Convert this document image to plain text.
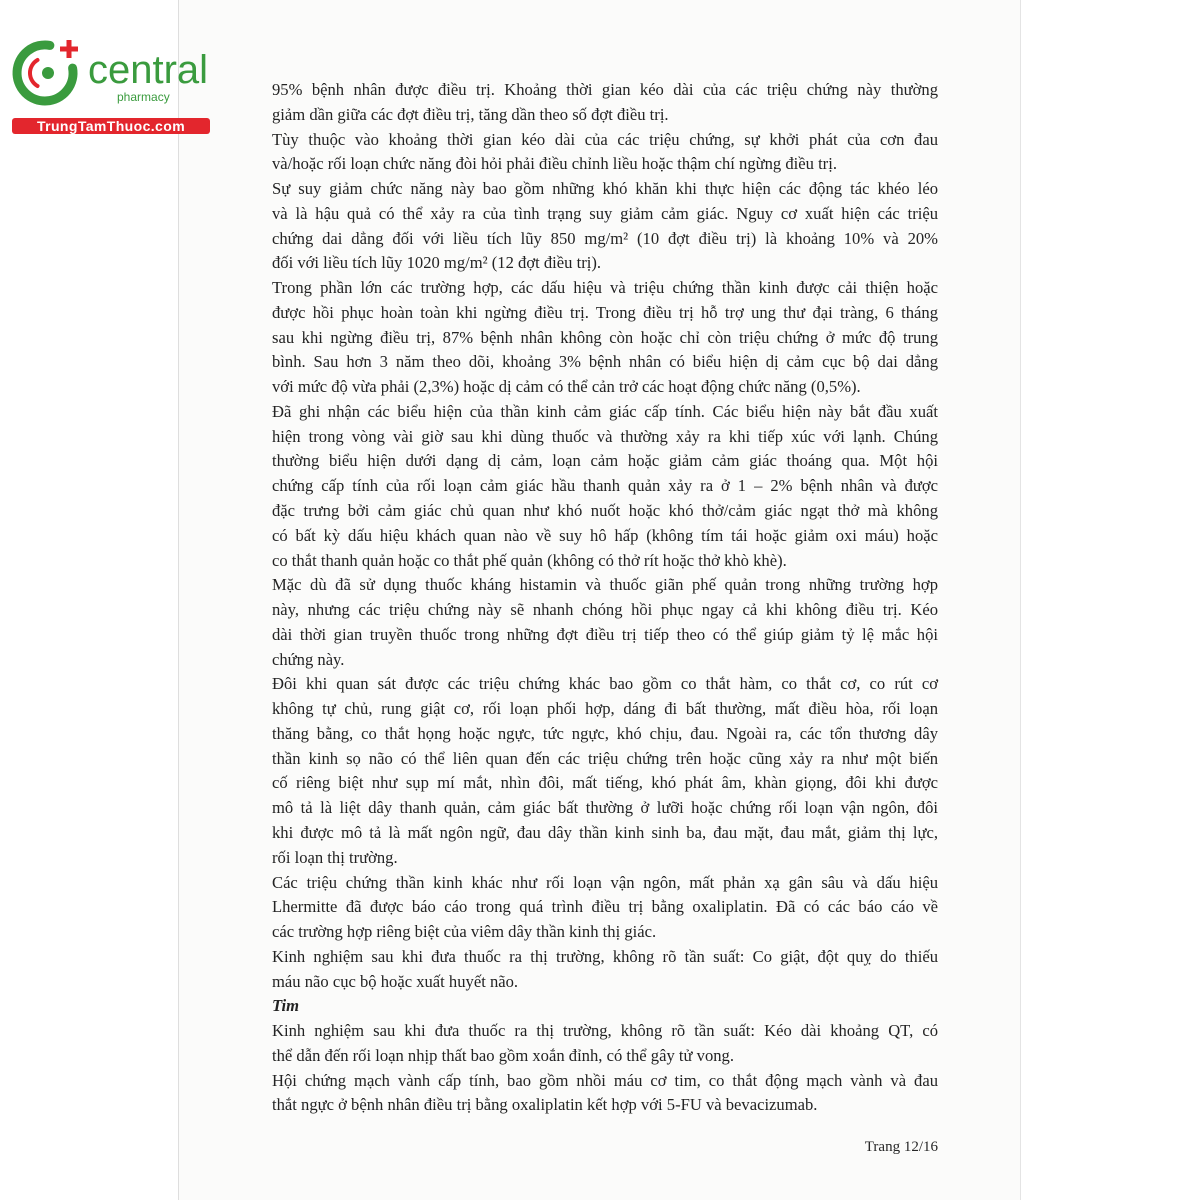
central
pharmacy
TrungTamThuoc.com
95% bệnh nhân được điều trị. Khoảng thời gian kéo dài của các triệu chứng này thường
giảm dần giữa các đợt điều trị, tăng dần theo số đợt điều trị.
Tùy thuộc vào khoảng thời gian kéo dài của các triệu chứng, sự khởi phát của cơn đau
và/hoặc rối loạn chức năng đòi hỏi phải điều chỉnh liều hoặc thậm chí ngừng điều trị.
Sự suy giảm chức năng này bao gồm những khó khăn khi thực hiện các động tác khéo léo
và là hậu quả có thể xảy ra của tình trạng suy giảm cảm giác. Nguy cơ xuất hiện các triệu
chứng dai dẳng đối với liều tích lũy 850 mg/m² (10 đợt điều trị) là khoảng 10% và 20%
đối với liều tích lũy 1020 mg/m² (12 đợt điều trị).
Trong phần lớn các trường hợp, các dấu hiệu và triệu chứng thần kinh được cải thiện hoặc
được hồi phục hoàn toàn khi ngừng điều trị. Trong điều trị hỗ trợ ung thư đại tràng, 6 tháng
sau khi ngừng điều trị, 87% bệnh nhân không còn hoặc chỉ còn triệu chứng ở mức độ trung
bình. Sau hơn 3 năm theo dõi, khoảng 3% bệnh nhân có biểu hiện dị cảm cục bộ dai dẳng
với mức độ vừa phải (2,3%) hoặc dị cảm có thể cản trở các hoạt động chức năng (0,5%).
Đã ghi nhận các biểu hiện của thần kinh cảm giác cấp tính. Các biểu hiện này bắt đầu xuất
hiện trong vòng vài giờ sau khi dùng thuốc và thường xảy ra khi tiếp xúc với lạnh. Chúng
thường biểu hiện dưới dạng dị cảm, loạn cảm hoặc giảm cảm giác thoáng qua. Một hội
chứng cấp tính của rối loạn cảm giác hầu thanh quản xảy ra ở 1 – 2% bệnh nhân và được
đặc trưng bởi cảm giác chủ quan như khó nuốt hoặc khó thở/cảm giác ngạt thở mà không
có bất kỳ dấu hiệu khách quan nào về suy hô hấp (không tím tái hoặc giảm oxi máu) hoặc
co thắt thanh quản hoặc co thắt phế quản (không có thở rít hoặc thở khò khè).
Mặc dù đã sử dụng thuốc kháng histamin và thuốc giãn phế quản trong những trường hợp
này, nhưng các triệu chứng này sẽ nhanh chóng hồi phục ngay cả khi không điều trị. Kéo
dài thời gian truyền thuốc trong những đợt điều trị tiếp theo có thể giúp giảm tỷ lệ mắc hội
chứng này.
Đôi khi quan sát được các triệu chứng khác bao gồm co thắt hàm, co thắt cơ, co rút cơ
không tự chủ, rung giật cơ, rối loạn phối hợp, dáng đi bất thường, mất điều hòa, rối loạn
thăng bằng, co thắt họng hoặc ngực, tức ngực, khó chịu, đau. Ngoài ra, các tổn thương dây
thần kinh sọ não có thể liên quan đến các triệu chứng trên hoặc cũng xảy ra như một biến
cố riêng biệt như sụp mí mắt, nhìn đôi, mất tiếng, khó phát âm, khàn giọng, đôi khi được
mô tả là liệt dây thanh quản, cảm giác bất thường ở lưỡi hoặc chứng rối loạn vận ngôn, đôi
khi được mô tả là mất ngôn ngữ, đau dây thần kinh sinh ba, đau mặt, đau mắt, giảm thị lực,
rối loạn thị trường.
Các triệu chứng thần kinh khác như rối loạn vận ngôn, mất phản xạ gân sâu và dấu hiệu
Lhermitte đã được báo cáo trong quá trình điều trị bằng oxaliplatin. Đã có các báo cáo về
các trường hợp riêng biệt của viêm dây thần kinh thị giác.
Kinh nghiệm sau khi đưa thuốc ra thị trường, không rõ tần suất: Co giật, đột quỵ do thiếu
máu não cục bộ hoặc xuất huyết não.
Tim
Kinh nghiệm sau khi đưa thuốc ra thị trường, không rõ tần suất: Kéo dài khoảng QT, có
thể dẫn đến rối loạn nhịp thất bao gồm xoắn đỉnh, có thể gây tử vong.
Hội chứng mạch vành cấp tính, bao gồm nhồi máu cơ tim, co thắt động mạch vành và đau
thắt ngực ở bệnh nhân điều trị bằng oxaliplatin kết hợp với 5-FU và bevacizumab.
Trang 12/16
